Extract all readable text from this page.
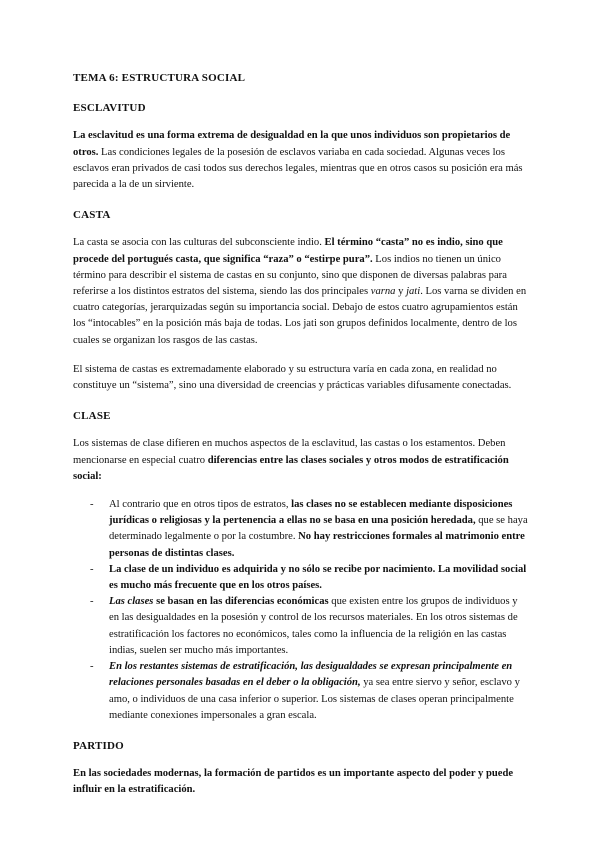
TEMA 6: ESTRUCTURA SOCIAL
ESCLAVITUD

La esclavitud es una forma extrema de desigualdad en la que unos individuos son propietarios de otros. Las condiciones legales de la posesión de esclavos variaba en cada sociedad. Algunas veces los esclavos eran privados de casi todos sus derechos legales, mientras que en otros casos su posición era más parecida a la de un sirviente.

CASTA

La casta se asocia con las culturas del subconsciente indio. El término “casta” no es indio, sino que procede del portugués casta, que significa “raza” o “estirpe pura”. Los indios no tienen un único término para describir el sistema de castas en su conjunto, sino que disponen de diversas palabras para referirse a los distintos estratos del sistema, siendo las dos principales varna y jati. Los varna se dividen en cuatro categorías, jerarquizadas según su importancia social. Debajo de estos cuatro agrupamientos están los “intocables” en la posición más baja de todas. Los jati son grupos definidos localmente, dentro de los cuales se organizan los rasgos de las castas.

El sistema de castas es extremadamente elaborado y su estructura varía en cada zona, en realidad no constituye un “sistema”, sino una diversidad de creencias y prácticas variables difusamente conectadas.

CLASE

Los sistemas de clase difieren en muchos aspectos de la esclavitud, las castas o los estamentos. Deben mencionarse en especial cuatro diferencias entre las clases sociales y otros modos de estratificación social:

- Al contrario que en otros tipos de estratos, las clases no se establecen mediante disposiciones jurídicas o religiosas y la pertenencia a ellas no se basa en una posición heredada, que se haya determinado legalmente o por la costumbre. No hay restricciones formales al matrimonio entre personas de distintas clases.
- La clase de un individuo es adquirida y no sólo se recibe por nacimiento. La movilidad social es mucho más frecuente que en los otros países.
- Las clases se basan en las diferencias económicas que existen entre los grupos de individuos y en las desigualdades en la posesión y control de los recursos materiales. En los otros sistemas de estratificación los factores no económicos, tales como la influencia de la religión en las castas indias, suelen ser mucho más importantes.
- En los restantes sistemas de estratificación, las desigualdades se expresan principalmente en relaciones personales basadas en el deber o la obligación, ya sea entre siervo y señor, esclavo y amo, o individuos de una casa inferior o superior. Los sistemas de clases operan principalmente mediante conexiones impersonales a gran escala.
PARTIDO

En las sociedades modernas, la formación de partidos es un importante aspecto del poder y puede influir en la estratificación.
